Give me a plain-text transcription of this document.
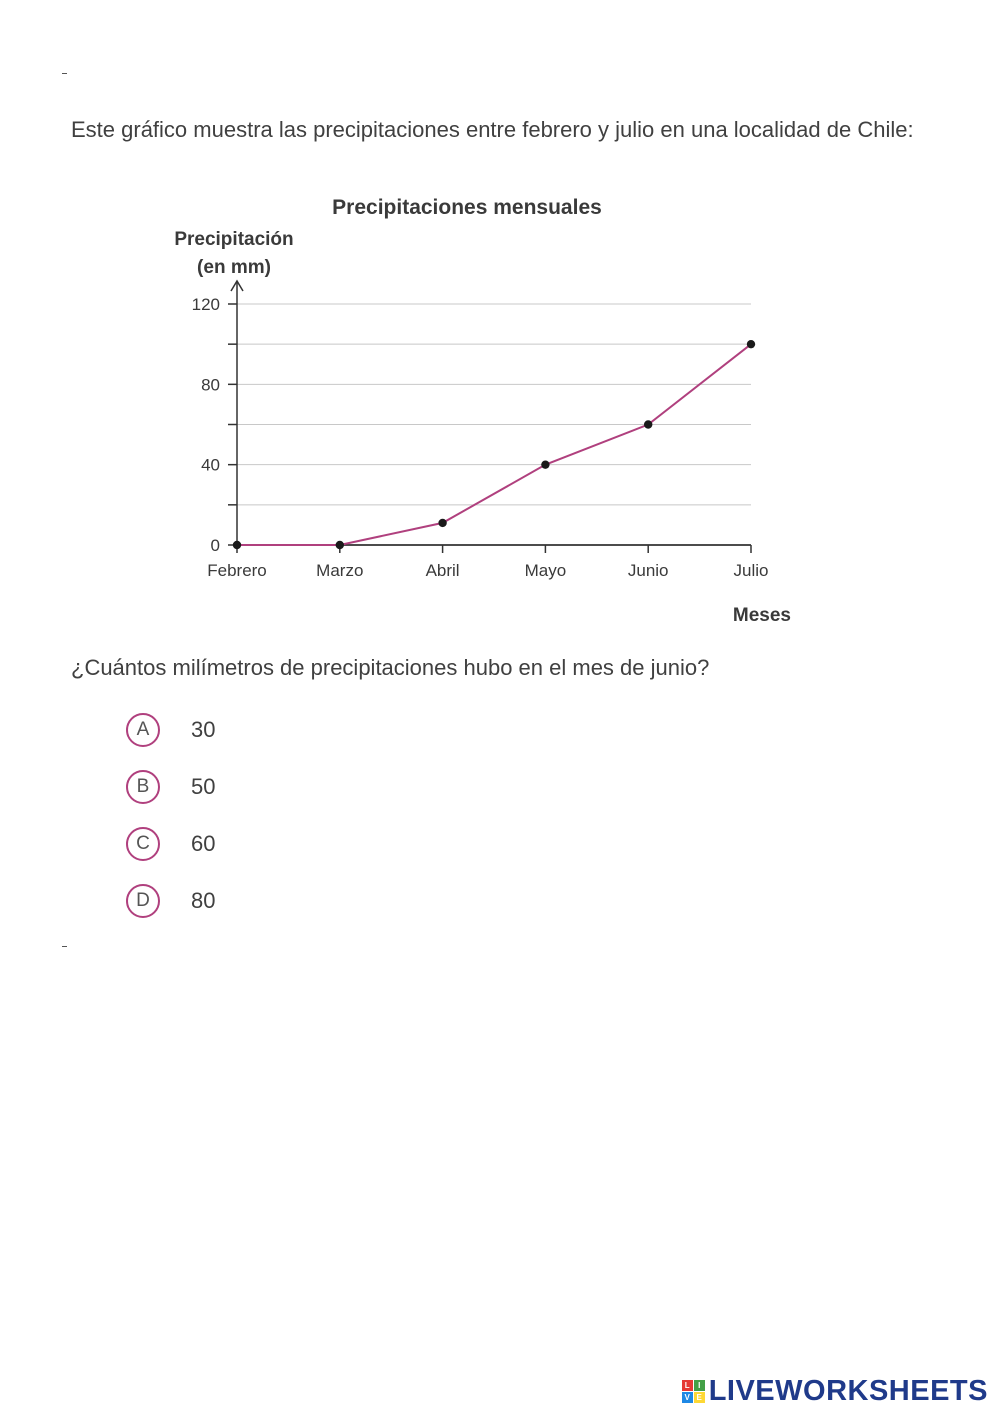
Este gráfico muestra las precipitaciones entre febrero y julio en una localidad de Chile:

Precipitaciones mensuales
Precipitación
(en mm)
Meses
0
40
80
120
Febrero	Marzo	Abril	Mayo	Junio	Julio

¿Cuántos milímetros de precipitaciones hubo en el mes de junio?

A	30
B	50
C	60
D	80
L	I
V E LIVEWORKSHEETS
